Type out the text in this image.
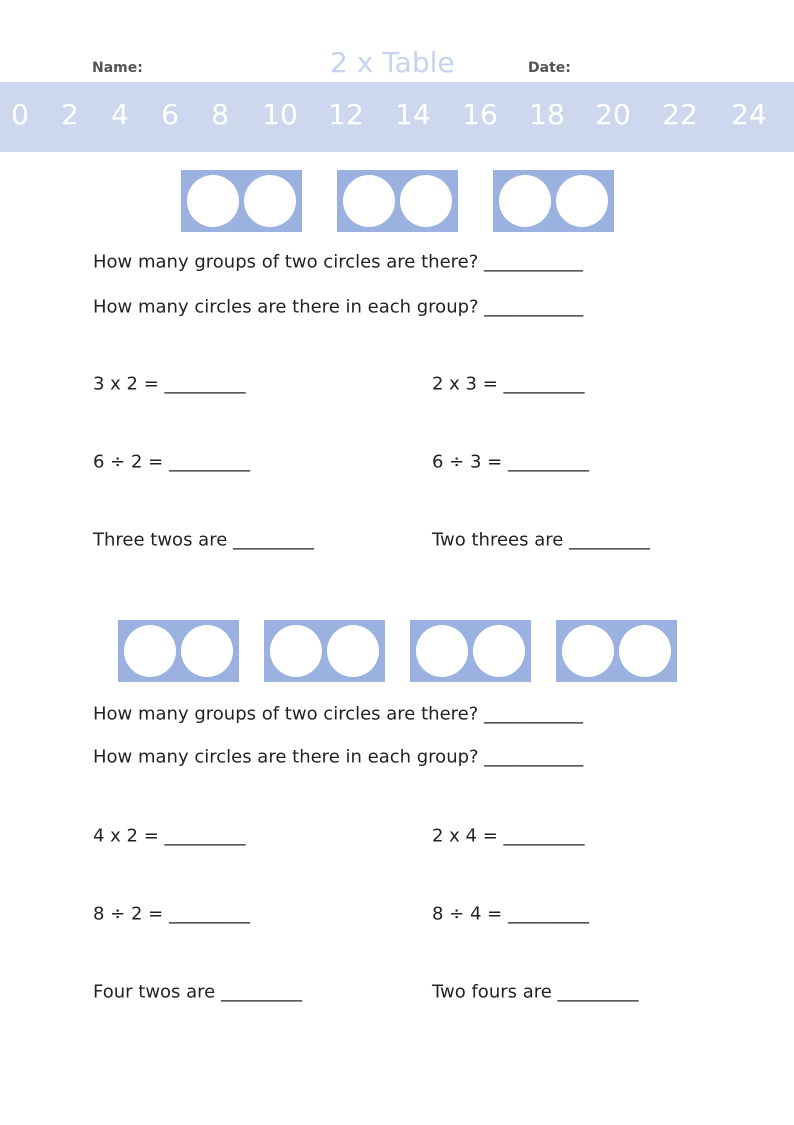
Name:	2 x Table	Date:
0 2 4 6 8 10 12 14 16 18 20 22 24
How many groups of two circles are there? ___________
How many circles are there in each group? ___________
3 x 2 = _________	2 x 3 = _________
6 ÷ 2 = _________	6 ÷ 3 = _________
Three twos are _________	Two threes are _________
How many groups of two circles are there? ___________
How many circles are there in each group? ___________
4 x 2 = _________	2 x 4 = _________
8 ÷ 2 = _________	8 ÷ 4 = _________
Four twos are _________	Two fours are _________
